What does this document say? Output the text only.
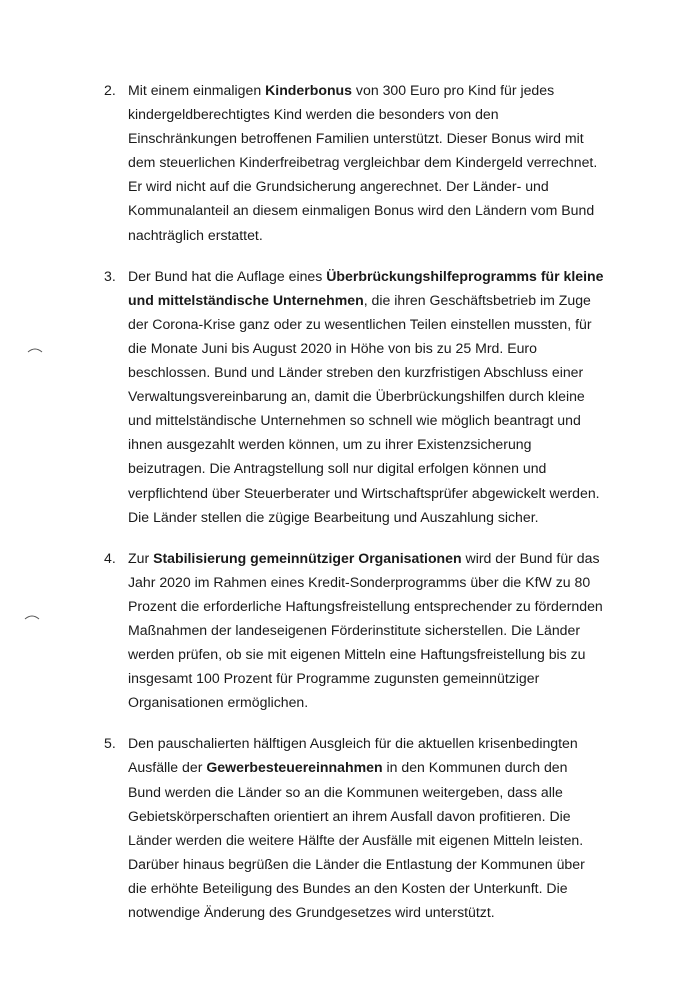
2. Mit einem einmaligen Kinderbonus von 300 Euro pro Kind für jedes kindergeldberechtigtes Kind werden die besonders von den Einschränkungen betroffenen Familien unterstützt. Dieser Bonus wird mit dem steuerlichen Kinderfreibetrag vergleichbar dem Kindergeld verrechnet. Er wird nicht auf die Grundsicherung angerechnet. Der Länder- und Kommunalanteil an diesem einmaligen Bonus wird den Ländern vom Bund nachträglich erstattet.
3. Der Bund hat die Auflage eines Überbrückungshilfeprogramms für kleine und mittelständische Unternehmen, die ihren Geschäftsbetrieb im Zuge der Corona-Krise ganz oder zu wesentlichen Teilen einstellen mussten, für die Monate Juni bis August 2020 in Höhe von bis zu 25 Mrd. Euro beschlossen. Bund und Länder streben den kurzfristigen Abschluss einer Verwaltungsvereinbarung an, damit die Überbrückungshilfen durch kleine und mittelständische Unternehmen so schnell wie möglich beantragt und ihnen ausgezahlt werden können, um zu ihrer Existenzsicherung beizutragen. Die Antragstellung soll nur digital erfolgen können und verpflichtend über Steuerberater und Wirtschaftsprüfer abgewickelt werden. Die Länder stellen die zügige Bearbeitung und Auszahlung sicher.
4. Zur Stabilisierung gemeinnütziger Organisationen wird der Bund für das Jahr 2020 im Rahmen eines Kredit-Sonderprogramms über die KfW zu 80 Prozent die erforderliche Haftungsfreistellung entsprechender zu fördernden Maßnahmen der landeseigenen Förderinstitute sicherstellen. Die Länder werden prüfen, ob sie mit eigenen Mitteln eine Haftungsfreistellung bis zu insgesamt 100 Prozent für Programme zugunsten gemeinnütziger Organisationen ermöglichen.
5. Den pauschalierten hälftigen Ausgleich für die aktuellen krisenbedingten Ausfälle der Gewerbesteuereinnahmen in den Kommunen durch den Bund werden die Länder so an die Kommunen weitergeben, dass alle Gebietskörperschaften orientiert an ihrem Ausfall davon profitieren. Die Länder werden die weitere Hälfte der Ausfälle mit eigenen Mitteln leisten. Darüber hinaus begrüßen die Länder die Entlastung der Kommunen über die erhöhte Beteiligung des Bundes an den Kosten der Unterkunft. Die notwendige Änderung des Grundgesetzes wird unterstützt.
